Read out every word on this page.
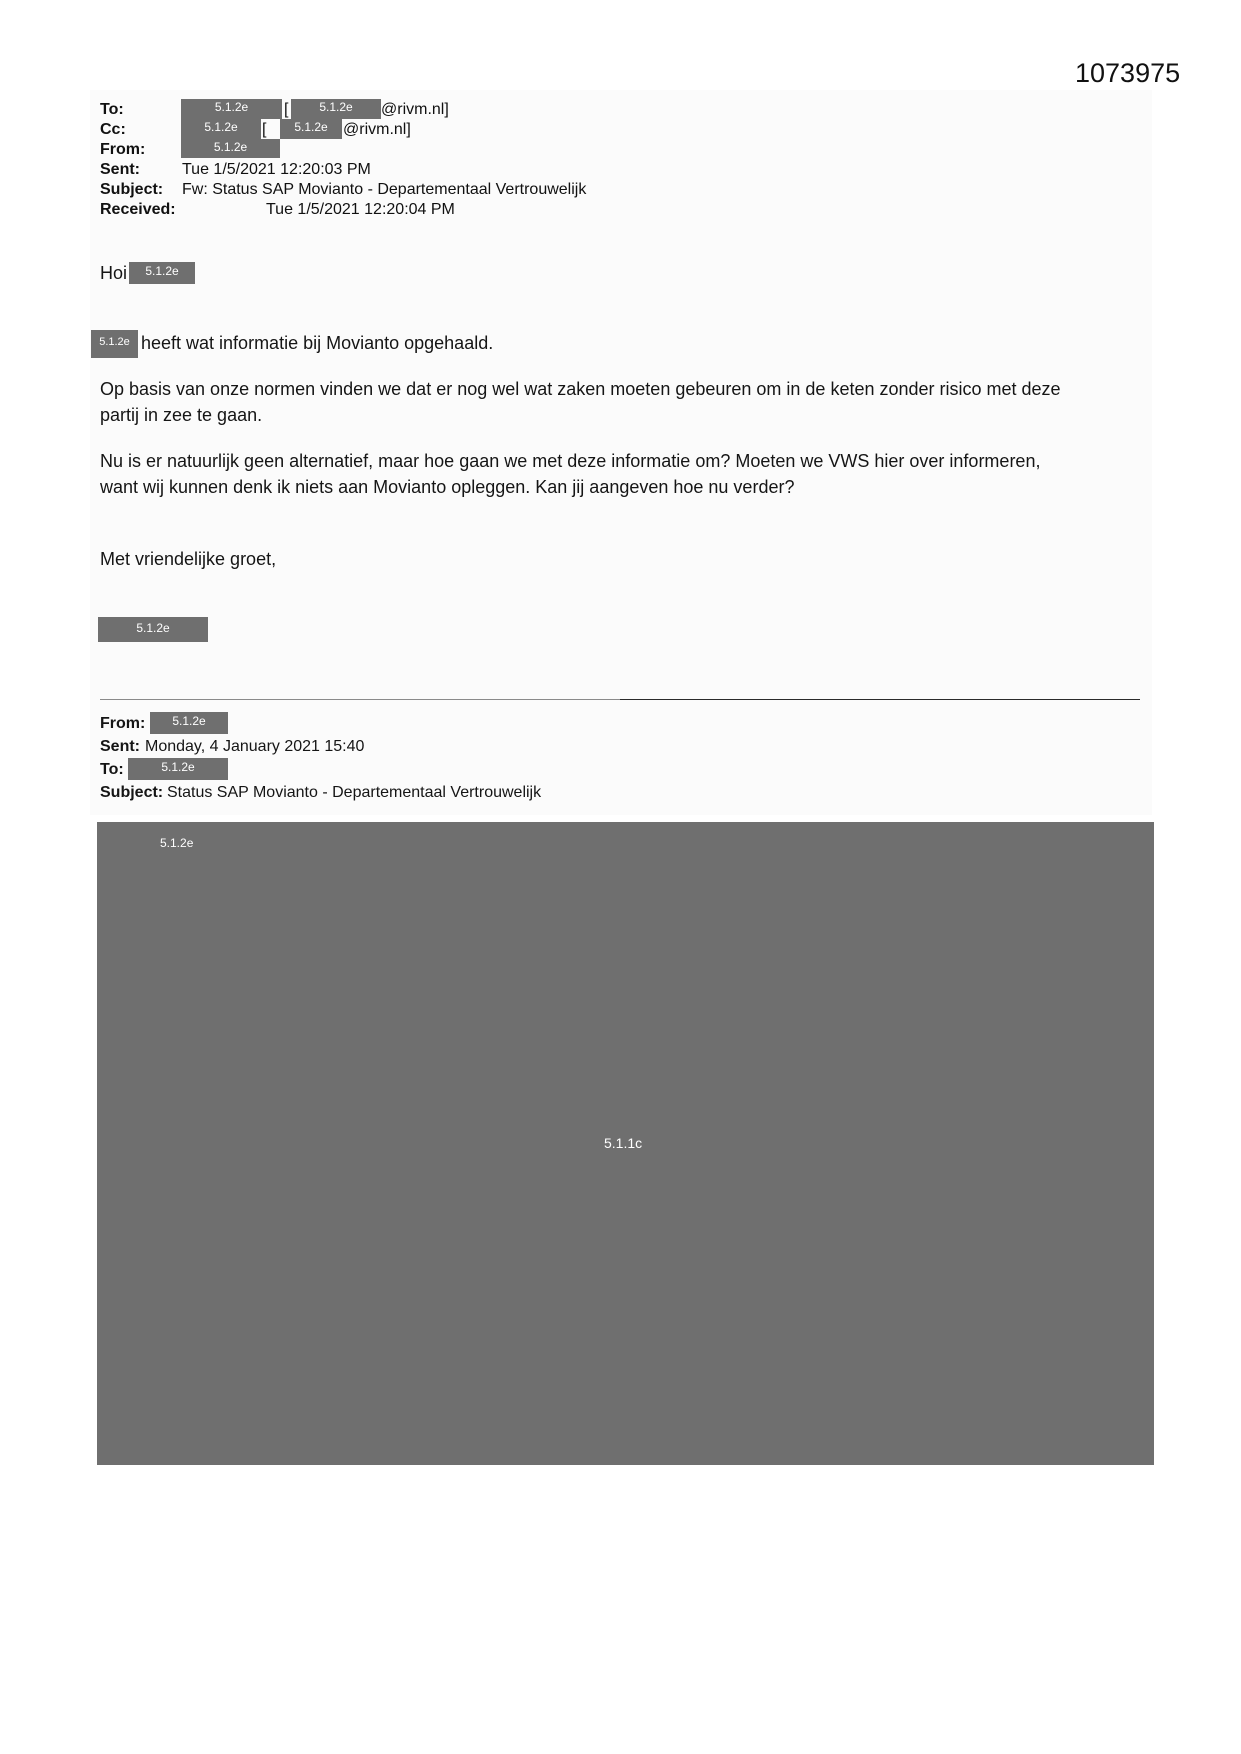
1073975
To:	5.1.2e	[	5.1.2e	@rivm.nl]
Cc:	5.1.2e	[	5.1.2e @rivm.nl]
From:	5.1.2e
Sent:	Tue 1/5/2021 12:20:03 PM
Subject: Fw: Status SAP Movianto - Departementaal Vertrouwelijk
Received:	Tue 1/5/2021 12:20:04 PM
Hoi	5.1.2e
5.1.2e heeft wat informatie bij Movianto opgehaald.
Op basis van onze normen vinden we dat er nog wel wat zaken moeten gebeuren om in de keten zonder risico met deze
partij in zee te gaan.
Nu is er natuurlijk geen alternatief, maar hoe gaan we met deze informatie om? Moeten we VWS hier over informeren,
want wij kunnen denk ik niets aan Movianto opleggen. Kan jij aangeven hoe nu verder?
Met vriendelijke groet,
5.1.2e
From:	5.1.2e
Sent: Monday, 4 January 2021 15:40
To:	5.1.2e
Subject: Status SAP Movianto - Departementaal Vertrouwelijk
5.1.2e
5.1.1c
